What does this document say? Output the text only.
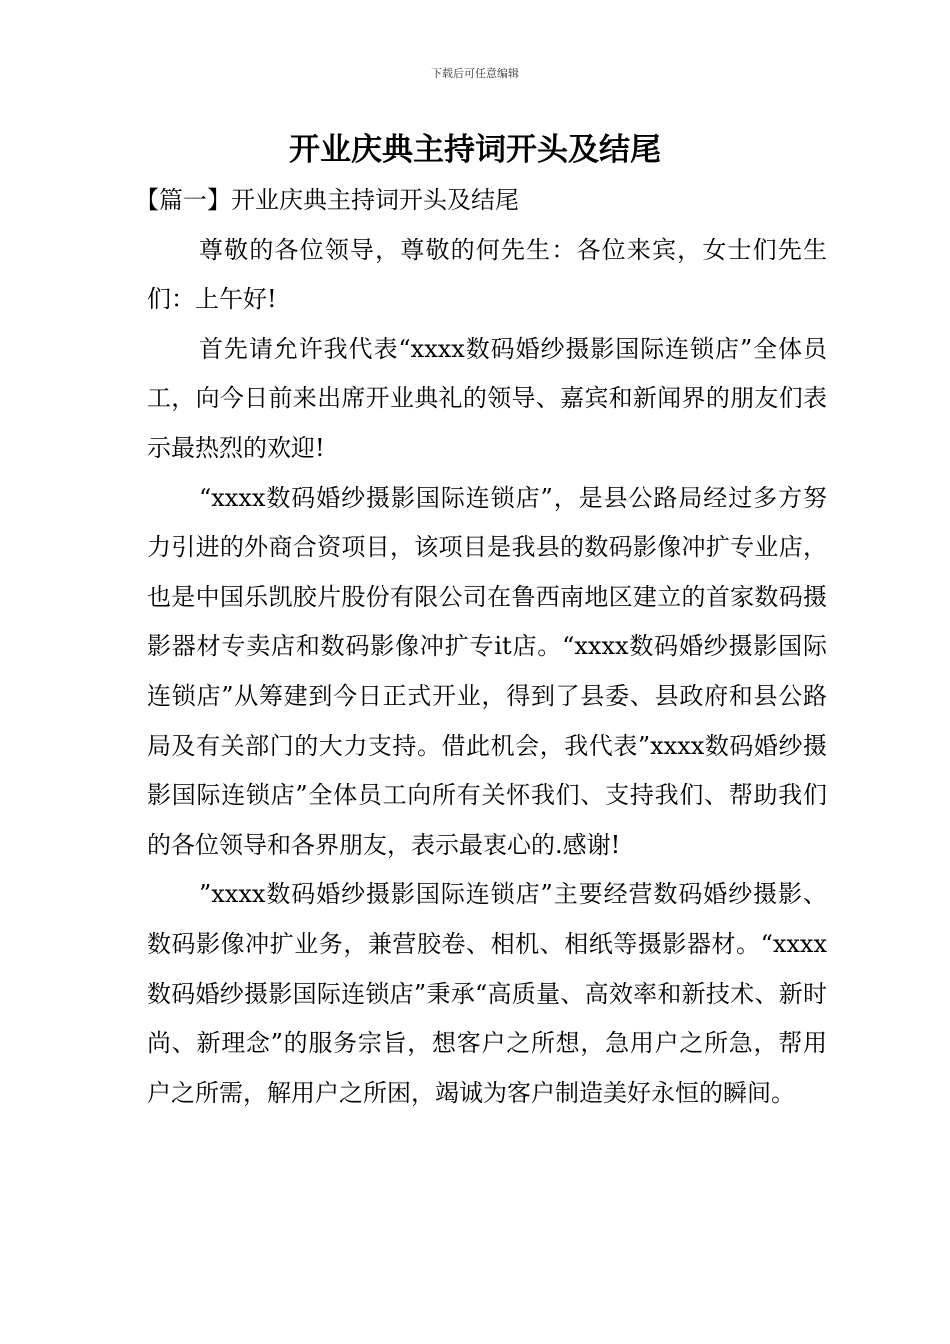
下载后可任意编辑
开业庆典主持词开头及结尾

【篇一】开业庆典主持词开头及结尾

尊敬的各位领导，尊敬的何先生：各位来宾，女士们先生们：上午好!

首先请允许我代表“xxxx数码婚纱摄影国际连锁店”全体员工，向今日前来出席开业典礼的领导、嘉宾和新闻界的朋友们表示最热烈的欢迎!

“xxxx数码婚纱摄影国际连锁店”，是县公路局经过多方努力引进的外商合资项目，该项目是我县的数码影像冲扩专业店，也是中国乐凯胶片股份有限公司在鲁西南地区建立的首家数码摄影器材专卖店和数码影像冲扩专it店。“xxxx数码婚纱摄影国际连锁店”从筹建到今日正式开业，得到了县委、县政府和县公路局及有关部门的大力支持。借此机会，我代表”xxxx数码婚纱摄影国际连锁店”全体员工向所有关怀我们、支持我们、帮助我们的各位领导和各界朋友，表示最衷心的.感谢!

”xxxx数码婚纱摄影国际连锁店”主要经营数码婚纱摄影、数码影像冲扩业务，兼营胶卷、相机、相纸等摄影器材。“xxxx数码婚纱摄影国际连锁店”秉承“高质量、高效率和新技术、新时尚、新理念”的服务宗旨，想客户之所想，急用户之所急，帮用户之所需，解用户之所困，竭诚为客户制造美好永恒的瞬间。
